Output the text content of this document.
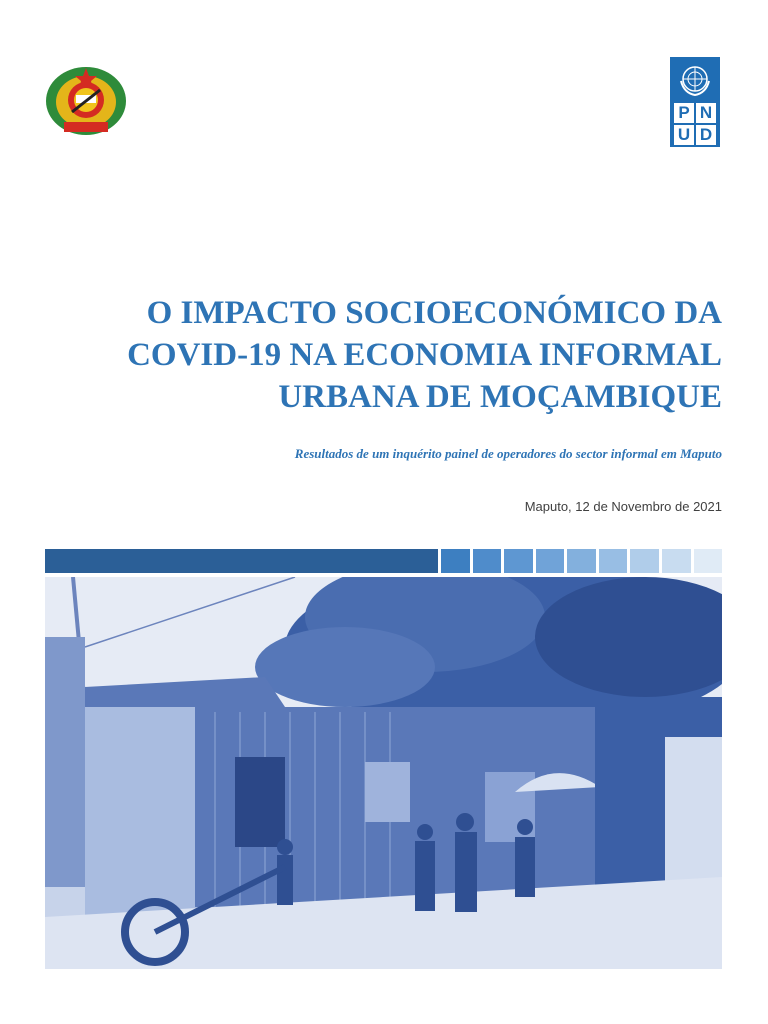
P N
U D
O IMPACTO SOCIOECONÓMICO DA
COVID-19 NA ECONOMIA INFORMAL
URBANA DE MOÇAMBIQUE
Resultados de um inquérito painel de operadores do sector informal em Maputo
Maputo, 12 de Novembro de 2021
